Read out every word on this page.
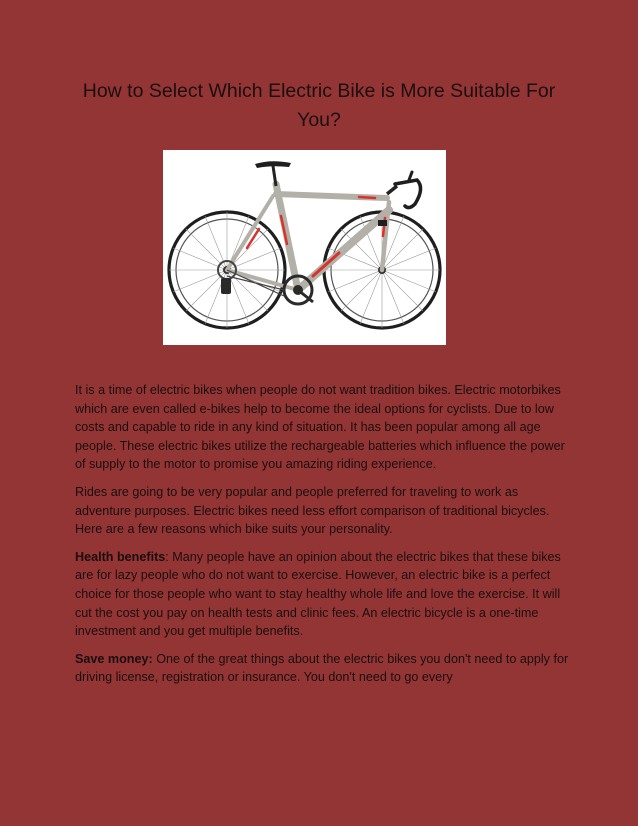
How to Select Which Electric Bike is More Suitable For You?

It is a time of electric bikes when people do not want tradition bikes. Electric motorbikes which are even called e-bikes help to become the ideal options for cyclists. Due to low costs and capable to ride in any kind of situation. It has been popular among all age people. These electric bikes utilize the rechargeable batteries which influence the power of supply to the motor to promise you amazing riding experience.

Rides are going to be very popular and people preferred for traveling to work as adventure purposes. Electric bikes need less effort comparison of traditional bicycles. Here are a few reasons which bike suits your personality.

Health benefits: Many people have an opinion about the electric bikes that these bikes are for lazy people who do not want to exercise. However, an electric bike is a perfect choice for those people who want to stay healthy whole life and love the exercise. It will cut the cost you pay on health tests and clinic fees. An electric bicycle is a one-time investment and you get multiple benefits.

Save money: One of the great things about the electric bikes you don't need to apply for driving license, registration or insurance. You don't need to go every
